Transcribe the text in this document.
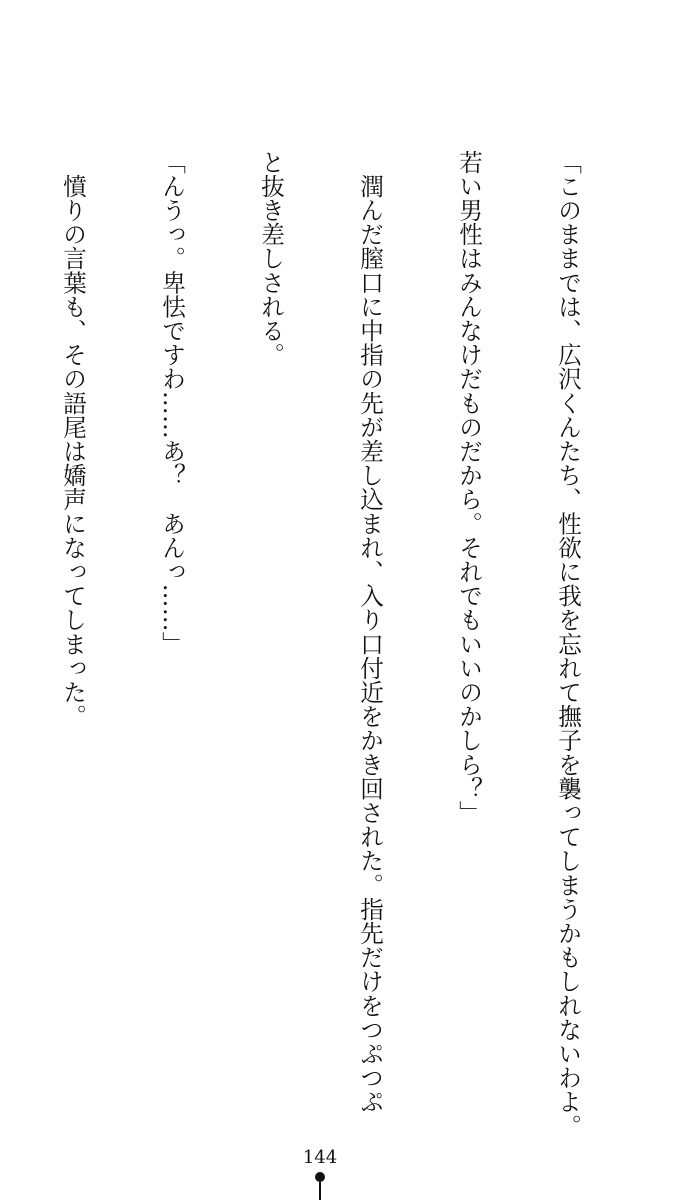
「このままでは、広沢くんたち、性欲に我を忘れて撫子を襲ってしまうかもしれないわよ。

若い男性はみんなけだものだから。それでもいいのかしら？」

　潤んだ膣口に中指の先が差し込まれ、入り口付近をかき回された。指先だけをつぷつぷ

と抜き差しされる。

「んうっ。卑怯ですわ……あ？　あんっ……」

　憤りの言葉も、その語尾は嬌声になってしまった。

144
